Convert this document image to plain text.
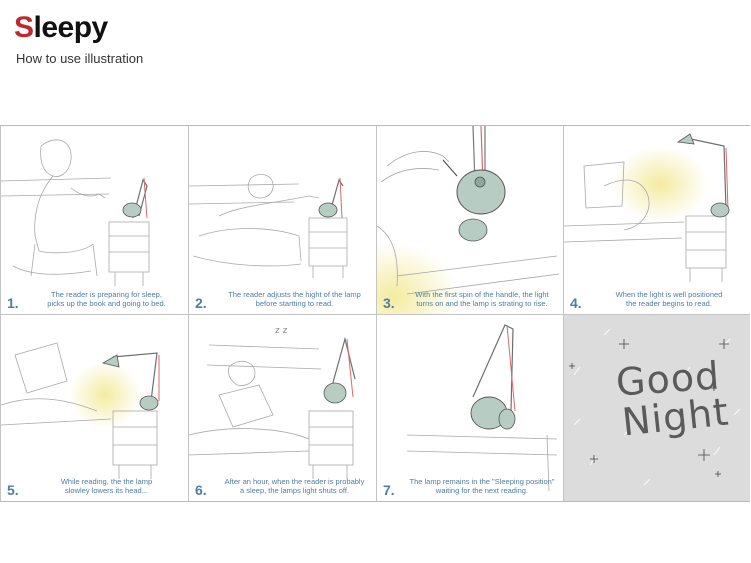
Sleepy
How to use illustration
1.
The reader is preparing for sleep,
picks up the book and going to bed.	2.
The reader adjusts the hight of the lamp
before startting to read.	3.
With the first spin of the handle, the light
turns on and the lamp is strating to rise.	4.
When the light is well positioned
the reader begins to read.
5.
While reading, the the lamp
slowley lowers its head...
z z
6.
After an hour, when the reader is probably
a sleep, the lamps light shuts off.	7.
The lamp remains in the "Sleeping position"
waiting for the next reading.
Good
Night
